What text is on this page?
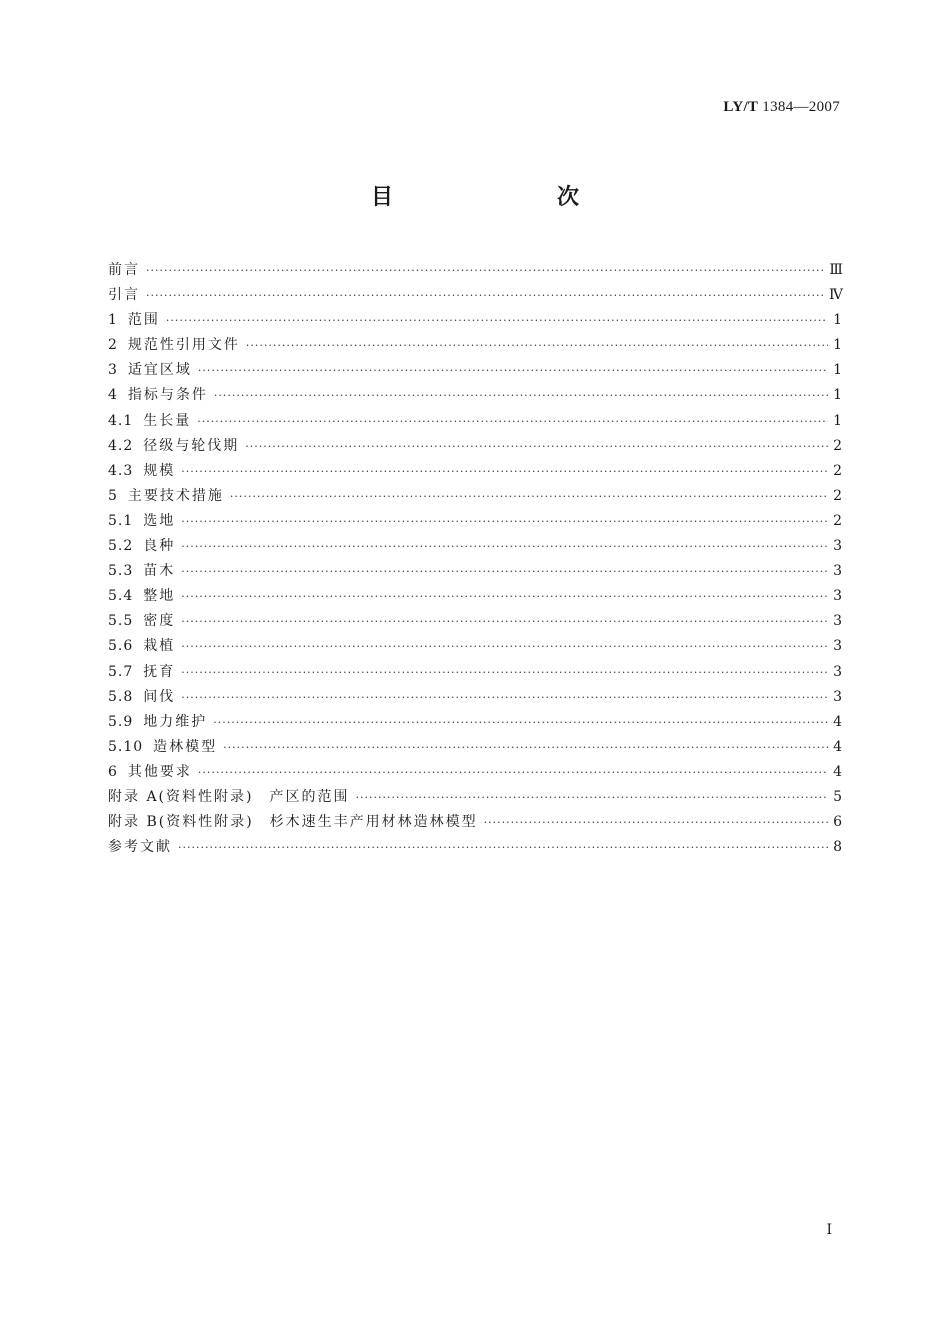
LY/T 1384—2007
目　　次
前言 ·····	Ⅲ
引言 ·····	Ⅳ
1 范围 ·····	1
2 规范性引用文件 ·····	1
3 适宜区域 ·····	1
4 指标与条件 ·····	1
4.1 生长量 ·····	1
4.2 径级与轮伐期 ·····	2
4.3 规模 ·····	2
5 主要技术措施 ·····	2
5.1 选地 ·····	2
5.2 良种 ·····	3
5.3 苗木 ·····	3
5.4 整地 ·····	3
5.5 密度 ·····	3
5.6 栽植 ·····	3
5.7 抚育 ·····	3
5.8 间伐 ·····	3
5.9 地力维护 ·····	4
5.10 造林模型 ·····	4
6 其他要求 ·····	4
附录 A(资料性附录)　产区的范围 ·····	5
附录 B(资料性附录)　杉木速生丰产用材林造林模型 ·····	6
参考文献 ·····	8
I
